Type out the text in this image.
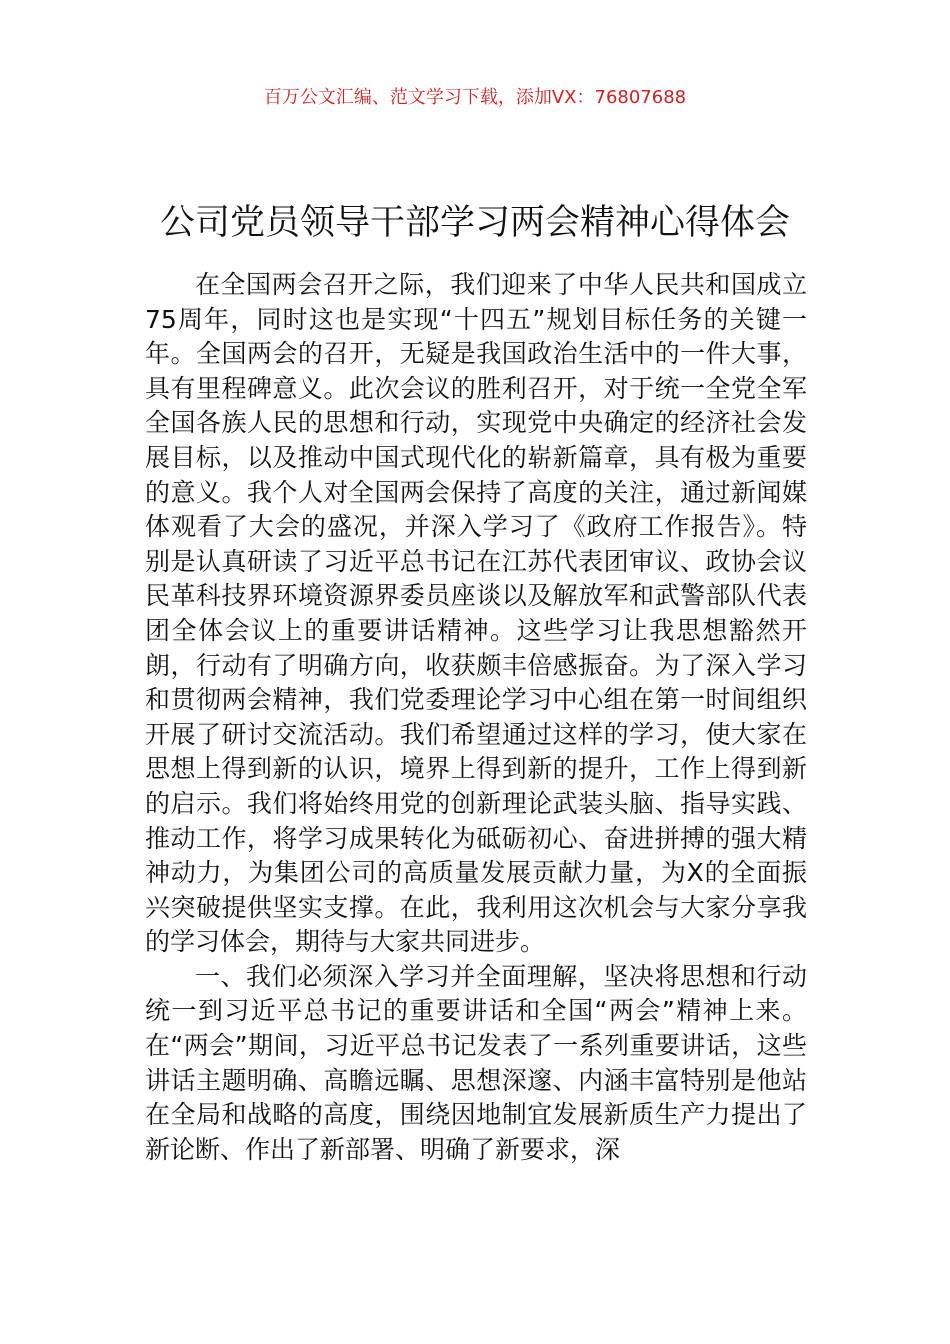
百万公文汇编、范文学习下载，添加VX：76807688
公司党员领导干部学习两会精神心得体会

在全国两会召开之际，我们迎来了中华人民共和国成立75周年，同时这也是实现“十四五”规划目标任务的关键一年。全国两会的召开，无疑是我国政治生活中的一件大事，具有里程碑意义。此次会议的胜利召开，对于统一全党全军全国各族人民的思想和行动，实现党中央确定的经济社会发展目标，以及推动中国式现代化的崭新篇章，具有极为重要的意义。我个人对全国两会保持了高度的关注，通过新闻媒体观看了大会的盛况，并深入学习了《政府工作报告》。特别是认真研读了习近平总书记在江苏代表团审议、政协会议民革科技界环境资源界委员座谈以及解放军和武警部队代表团全体会议上的重要讲话精神。这些学习让我思想豁然开朗，行动有了明确方向，收获颇丰倍感振奋。为了深入学习和贯彻两会精神，我们党委理论学习中心组在第一时间组织开展了研讨交流活动。我们希望通过这样的学习，使大家在思想上得到新的认识，境界上得到新的提升，工作上得到新的启示。我们将始终用党的创新理论武装头脑、指导实践、推动工作，将学习成果转化为砥砺初心、奋进拼搏的强大精神动力，为集团公司的高质量发展贡献力量，为X的全面振兴突破提供坚实支撑。在此，我利用这次机会与大家分享我的学习体会，期待与大家共同进步。

一、我们必须深入学习并全面理解，坚决将思想和行动统一到习近平总书记的重要讲话和全国“两会”精神上来。在“两会”期间，习近平总书记发表了一系列重要讲话，这些讲话主题明确、高瞻远瞩、思想深邃、内涵丰富特别是他站在全局和战略的高度，围绕因地制宜发展新质生产力提出了新论断、作出了新部署、明确了新要求，深
